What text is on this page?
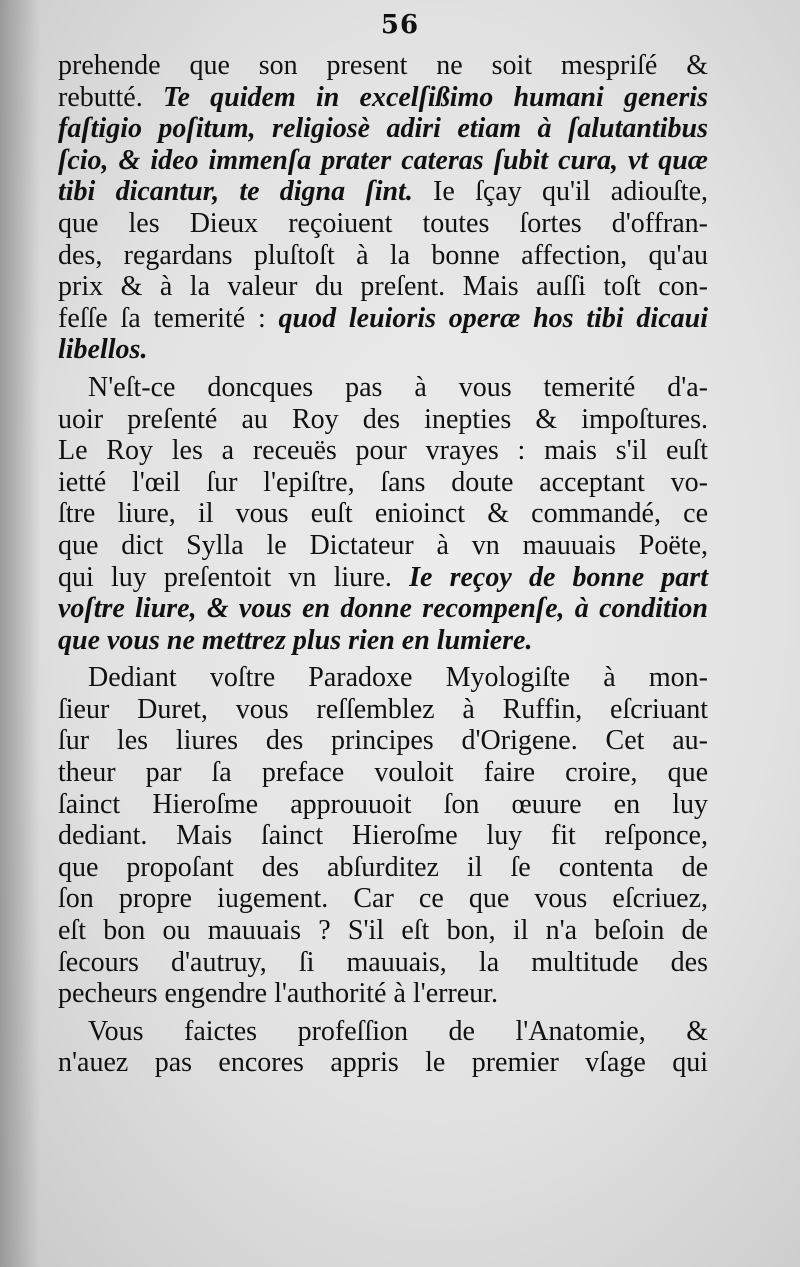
56
prehende que son present ne soit mespriſé &
rebutté. Te quidem in excelſißimo humani generis
faſtigio poſitum, religiosè adiri etiam à ſalutantibus
ſcio, & ideo immenſa prater cateras ſubit cura, vt quæ
tibi dicantur, te digna ſint. Ie ſçay qu'il adiouſte,
que les Dieux reçoiuent toutes ſortes d'offran-
des, regardans pluſtoſt à la bonne affection, qu'au
prix & à la valeur du preſent. Mais auſſi toſt con-
feſſe ſa temerité : quod leuioris operæ hos tibi dicaui
libellos.
N'eſt-ce doncques pas à vous temerité d'a-
uoir preſenté au Roy des inepties & impoſtures.
Le Roy les a receuës pour vrayes : mais s'il euſt
ietté l'œil ſur l'epiſtre, ſans doute acceptant vo-
ſtre liure, il vous euſt enioinct & commandé, ce
que dict Sylla le Dictateur à vn mauuais Poëte,
qui luy preſentoit vn liure. Ie reçoy de bonne part
voſtre liure, & vous en donne recompenſe, à condition
que vous ne mettrez plus rien en lumiere.
Dediant voſtre Paradoxe Myologiſte à mon-
ſieur Duret, vous reſſemblez à Ruffin, eſcriuant
ſur les liures des principes d'Origene. Cet au-
theur par ſa preface vouloit faire croire, que
ſainct Hieroſme approuuoit ſon œuure en luy
dediant. Mais ſainct Hieroſme luy fit reſponce,
que propoſant des abſurditez il ſe contenta de
ſon propre iugement. Car ce que vous eſcriuez,
eſt bon ou mauuais ? S'il eſt bon, il n'a beſoin de
ſecours d'autruy, ſi mauuais, la multitude des
pecheurs engendre l'authorité à l'erreur.
Vous faictes profeſſion de l'Anatomie, &
n'auez pas encores appris le premier vſage qui
